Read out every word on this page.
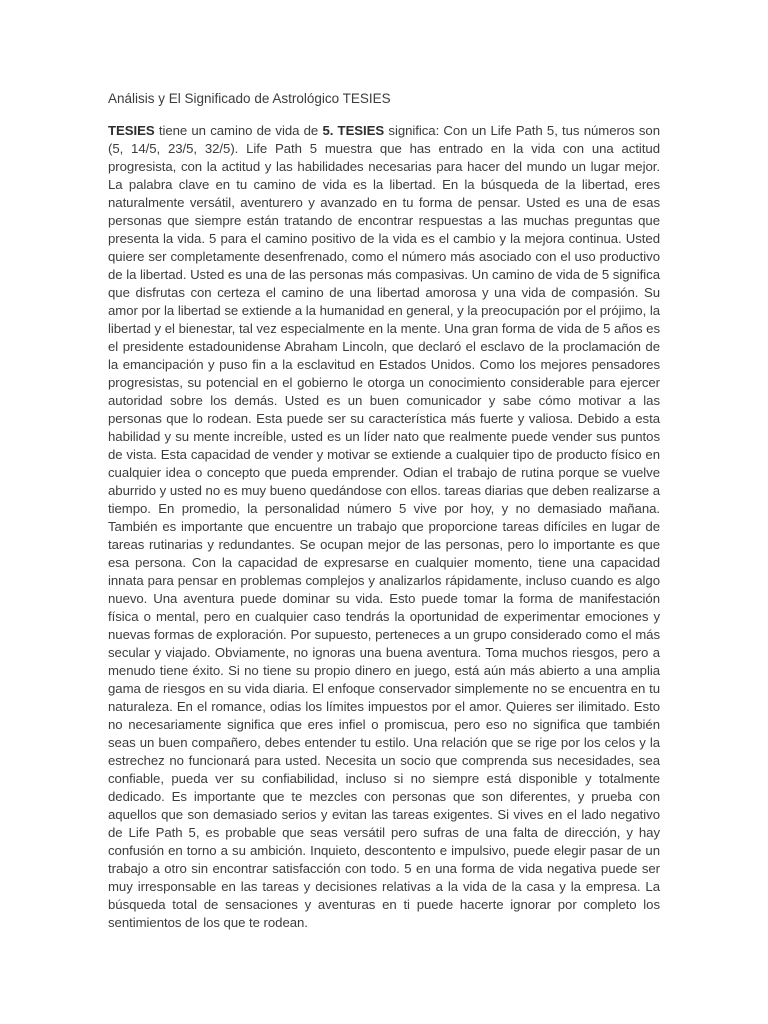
Análisis y El Significado de Astrológico TESIES

TESIES tiene un camino de vida de 5. TESIES significa: Con un Life Path 5, tus números son (5, 14/5, 23/5, 32/5). Life Path 5 muestra que has entrado en la vida con una actitud progresista, con la actitud y las habilidades necesarias para hacer del mundo un lugar mejor. La palabra clave en tu camino de vida es la libertad. En la búsqueda de la libertad, eres naturalmente versátil, aventurero y avanzado en tu forma de pensar. Usted es una de esas personas que siempre están tratando de encontrar respuestas a las muchas preguntas que presenta la vida. 5 para el camino positivo de la vida es el cambio y la mejora continua. Usted quiere ser completamente desenfrenado, como el número más asociado con el uso productivo de la libertad. Usted es una de las personas más compasivas. Un camino de vida de 5 significa que disfrutas con certeza el camino de una libertad amorosa y una vida de compasión. Su amor por la libertad se extiende a la humanidad en general, y la preocupación por el prójimo, la libertad y el bienestar, tal vez especialmente en la mente. Una gran forma de vida de 5 años es el presidente estadounidense Abraham Lincoln, que declaró el esclavo de la proclamación de la emancipación y puso fin a la esclavitud en Estados Unidos. Como los mejores pensadores progresistas, su potencial en el gobierno le otorga un conocimiento considerable para ejercer autoridad sobre los demás. Usted es un buen comunicador y sabe cómo motivar a las personas que lo rodean. Esta puede ser su característica más fuerte y valiosa. Debido a esta habilidad y su mente increíble, usted es un líder nato que realmente puede vender sus puntos de vista. Esta capacidad de vender y motivar se extiende a cualquier tipo de producto físico en cualquier idea o concepto que pueda emprender. Odian el trabajo de rutina porque se vuelve aburrido y usted no es muy bueno quedándose con ellos. tareas diarias que deben realizarse a tiempo. En promedio, la personalidad número 5 vive por hoy, y no demasiado mañana. También es importante que encuentre un trabajo que proporcione tareas difíciles en lugar de tareas rutinarias y redundantes. Se ocupan mejor de las personas, pero lo importante es que esa persona. Con la capacidad de expresarse en cualquier momento, tiene una capacidad innata para pensar en problemas complejos y analizarlos rápidamente, incluso cuando es algo nuevo. Una aventura puede dominar su vida. Esto puede tomar la forma de manifestación física o mental, pero en cualquier caso tendrás la oportunidad de experimentar emociones y nuevas formas de exploración. Por supuesto, perteneces a un grupo considerado como el más secular y viajado. Obviamente, no ignoras una buena aventura. Toma muchos riesgos, pero a menudo tiene éxito. Si no tiene su propio dinero en juego, está aún más abierto a una amplia gama de riesgos en su vida diaria. El enfoque conservador simplemente no se encuentra en tu naturaleza. En el romance, odias los límites impuestos por el amor. Quieres ser ilimitado. Esto no necesariamente significa que eres infiel o promiscua, pero eso no significa que también seas un buen compañero, debes entender tu estilo. Una relación que se rige por los celos y la estrechez no funcionará para usted. Necesita un socio que comprenda sus necesidades, sea confiable, pueda ver su confiabilidad, incluso si no siempre está disponible y totalmente dedicado. Es importante que te mezcles con personas que son diferentes, y prueba con aquellos que son demasiado serios y evitan las tareas exigentes. Si vives en el lado negativo de Life Path 5, es probable que seas versátil pero sufras de una falta de dirección, y hay confusión en torno a su ambición. Inquieto, descontento e impulsivo, puede elegir pasar de un trabajo a otro sin encontrar satisfacción con todo. 5 en una forma de vida negativa puede ser muy irresponsable en las tareas y decisiones relativas a la vida de la casa y la empresa. La búsqueda total de sensaciones y aventuras en ti puede hacerte ignorar por completo los sentimientos de los que te rodean.
